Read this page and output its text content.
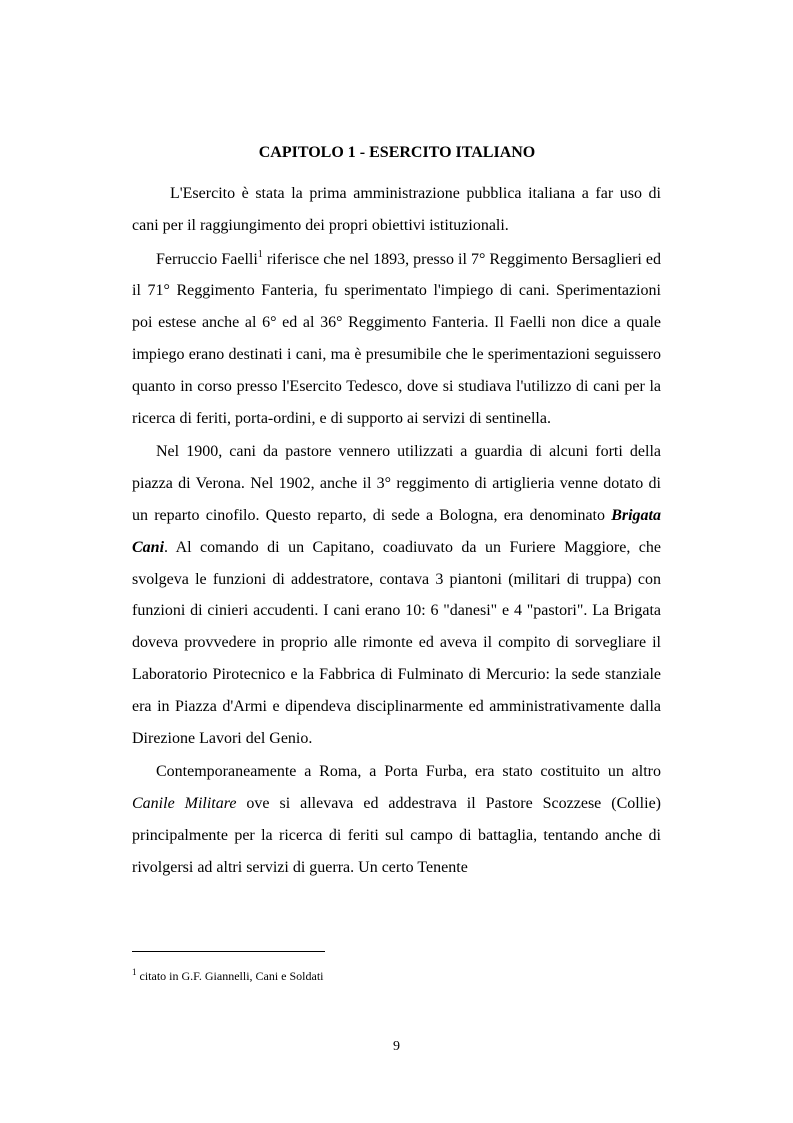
CAPITOLO 1 - ESERCITO ITALIANO

L'Esercito è stata la prima amministrazione pubblica italiana a far uso di cani per il raggiungimento dei propri obiettivi istituzionali.

Ferruccio Faelli$^1$ riferisce che nel 1893, presso il 7° Reggimento Bersaglieri ed il 71° Reggimento Fanteria, fu sperimentato l'impiego di cani. Sperimentazioni poi estese anche al 6° ed al 36° Reggimento Fanteria. Il Faelli non dice a quale impiego erano destinati i cani, ma è presumibile che le sperimentazioni seguissero quanto in corso presso l'Esercito Tedesco, dove si studiava l'utilizzo di cani per la ricerca di feriti, porta-ordini, e di supporto ai servizi di sentinella.

Nel 1900, cani da pastore vennero utilizzati a guardia di alcuni forti della piazza di Verona. Nel 1902, anche il 3° reggimento di artiglieria venne dotato di un reparto cinofilo. Questo reparto, di sede a Bologna, era denominato Brigata Cani. Al comando di un Capitano, coadiuvato da un Furiere Maggiore, che svolgeva le funzioni di addestratore, contava 3 piantoni (militari di truppa) con funzioni di cinieri accudenti. I cani erano 10: 6 "danesi" e 4 "pastori". La Brigata doveva provvedere in proprio alle rimonte ed aveva il compito di sorvegliare il Laboratorio Pirotecnico e la Fabbrica di Fulminato di Mercurio: la sede stanziale era in Piazza d'Armi e dipendeva disciplinarmente ed amministrativamente dalla Direzione Lavori del Genio.

Contemporaneamente a Roma, a Porta Furba, era stato costituito un altro Canile Militare ove si allevava ed addestrava il Pastore Scozzese (Collie) principalmente per la ricerca di feriti sul campo di battaglia, tentando anche di rivolgersi ad altri servizi di guerra. Un certo Tenente

$^1$ citato in G.F. Giannelli, Cani e Soldati
9
